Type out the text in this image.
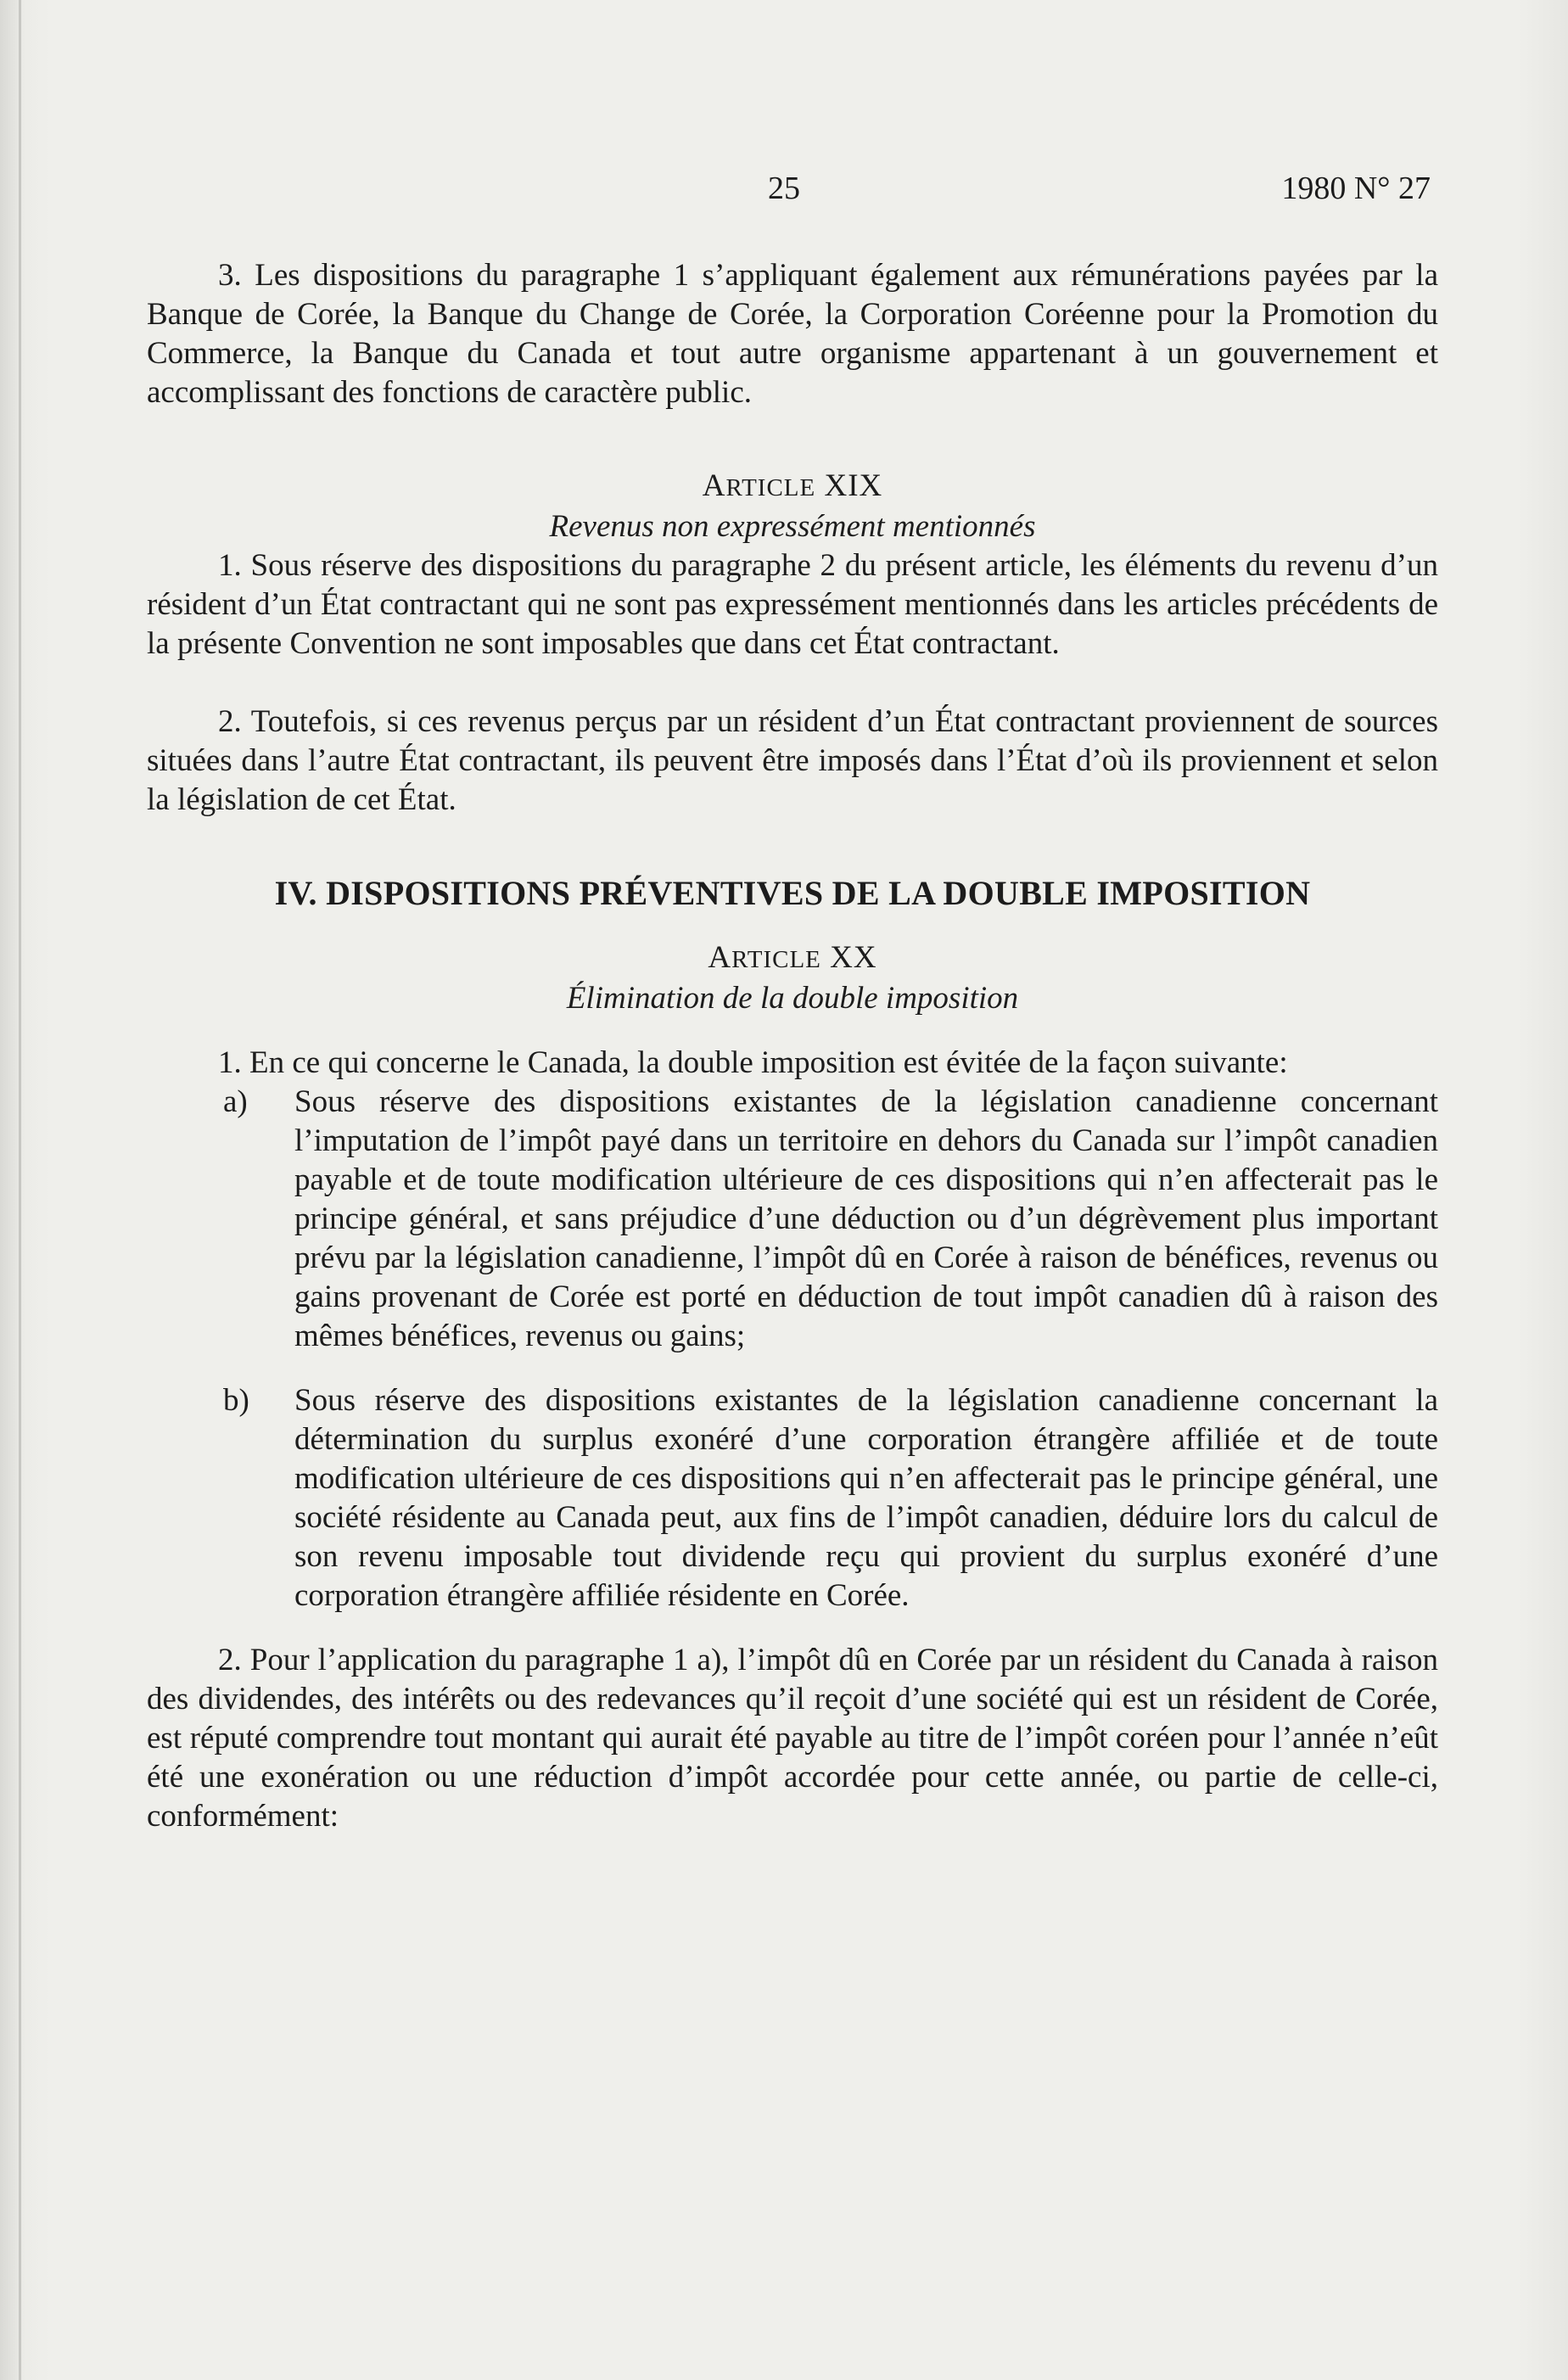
25	1980 N° 27

3. Les dispositions du paragraphe 1 s’appliquant également aux rémunérations payées par la Banque de Corée, la Banque du Change de Corée, la Corporation Coréenne pour la Promotion du Commerce, la Banque du Canada et tout autre organisme appartenant à un gouvernement et accomplissant des fonctions de caractère public.

ARTICLE XIX

Revenus non expressément mentionnés

1. Sous réserve des dispositions du paragraphe 2 du présent article, les éléments du revenu d’un résident d’un État contractant qui ne sont pas expressément mentionnés dans les articles précédents de la présente Convention ne sont imposables que dans cet État contractant.

2. Toutefois, si ces revenus perçus par un résident d’un État contractant proviennent de sources situées dans l’autre État contractant, ils peuvent être imposés dans l’État d’où ils proviennent et selon la législation de cet État.

IV. DISPOSITIONS PRÉVENTIVES DE LA DOUBLE IMPOSITION

ARTICLE XX

Élimination de la double imposition

1. En ce qui concerne le Canada, la double imposition est évitée de la façon suivante:

a)	Sous réserve des dispositions existantes de la législation canadienne concernant l’imputation de l’impôt payé dans un territoire en dehors du Canada sur l’impôt canadien payable et de toute modification ultérieure de ces dispositions qui n’en affecterait pas le principe général, et sans préjudice d’une déduction ou d’un dégrèvement plus important prévu par la législation canadienne, l’impôt dû en Corée à raison de bénéfices, revenus ou gains provenant de Corée est porté en déduction de tout impôt canadien dû à raison des mêmes bénéfices, revenus ou gains;
b)	Sous réserve des dispositions existantes de la législation canadienne concernant la détermination du surplus exonéré d’une corporation étrangère affiliée et de toute modification ultérieure de ces dispositions qui n’en affecterait pas le principe général, une société résidente au Canada peut, aux fins de l’impôt canadien, déduire lors du calcul de son revenu imposable tout dividende reçu qui provient du surplus exonéré d’une corporation étrangère affiliée résidente en Corée.

2. Pour l’application du paragraphe 1 a), l’impôt dû en Corée par un résident du Canada à raison des dividendes, des intérêts ou des redevances qu’il reçoit d’une société qui est un résident de Corée, est réputé comprendre tout montant qui aurait été payable au titre de l’impôt coréen pour l’année n’eût été une exonération ou une réduction d’impôt accordée pour cette année, ou partie de celle-ci, conformément:
